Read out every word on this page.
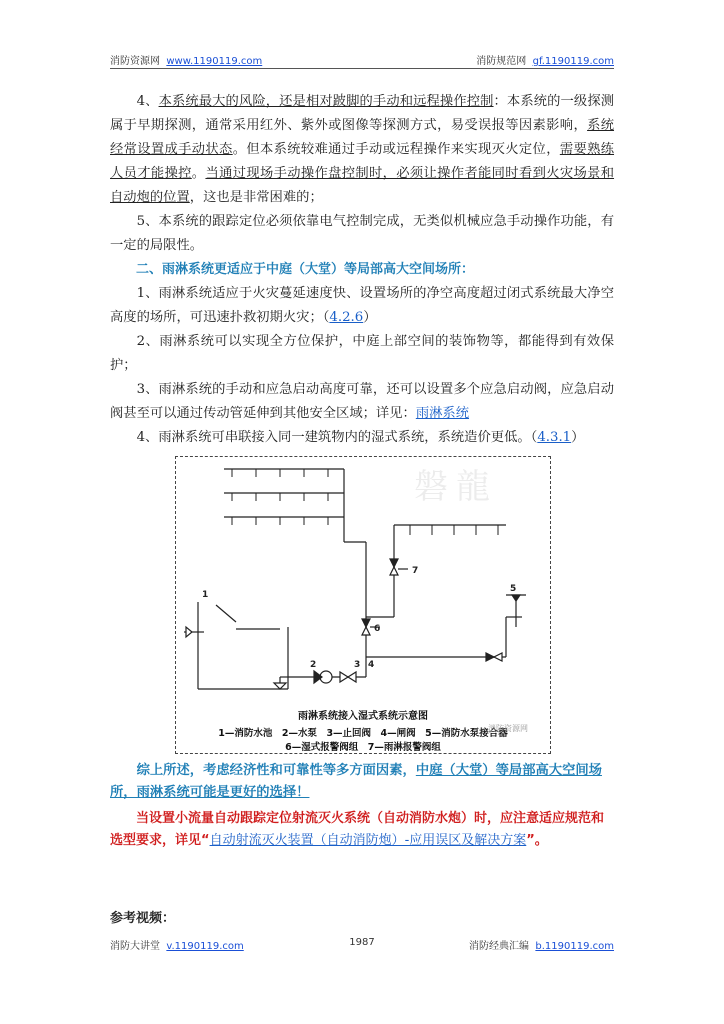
消防资源网 www.1190119.com	消防规范网 gf.1190119.com

4、本系统最大的风险，还是相对跛脚的手动和远程操作控制：本系统的一级探测属于早期探测，通常采用红外、紫外或图像等探测方式，易受误报等因素影响，系统经常设置成手动状态。但本系统较难通过手动或远程操作来实现灭火定位，需要熟练人员才能操控。当通过现场手动操作盘控制时，必须让操作者能同时看到火灾场景和自动炮的位置，这也是非常困难的；

5、本系统的跟踪定位必须依靠电气控制完成，无类似机械应急手动操作功能，有一定的局限性。

二、雨淋系统更适应于中庭（大堂）等局部高大空间场所：

1、雨淋系统适应于火灾蔓延速度快、设置场所的净空高度超过闭式系统最大净空高度的场所，可迅速扑救初期火灾；（4.2.6）

2、雨淋系统可以实现全方位保护，中庭上部空间的装饰物等，都能得到有效保护；

3、雨淋系统的手动和应急启动高度可靠，还可以设置多个应急启动阀，应急启动阀甚至可以通过传动管延伸到其他安全区域；详见：雨淋系统

4、雨淋系统可串联接入同一建筑物内的湿式系统，系统造价更低。（4.3.1）

磐龍
1
2	3 4
5
6
7
雨淋系统接入湿式系统示意图
1—消防水池　2—水泵　3—止回阀　4—闸阀　5—消防水泵接合器
6—湿式报警阀组　7—雨淋报警阀组
消防资源网

综上所述，考虑经济性和可靠性等多方面因素，中庭（大堂）等局部高大空间场所，雨淋系统可能是更好的选择！

当设置小流量自动跟踪定位射流灭火系统（自动消防水炮）时，应注意适应规范和选型要求，详见“自动射流灭火装置（自动消防炮）-应用误区及解决方案”。

参考视频：
消防大讲堂 v.1190119.com	1987	消防经典汇编 b.1190119.com
